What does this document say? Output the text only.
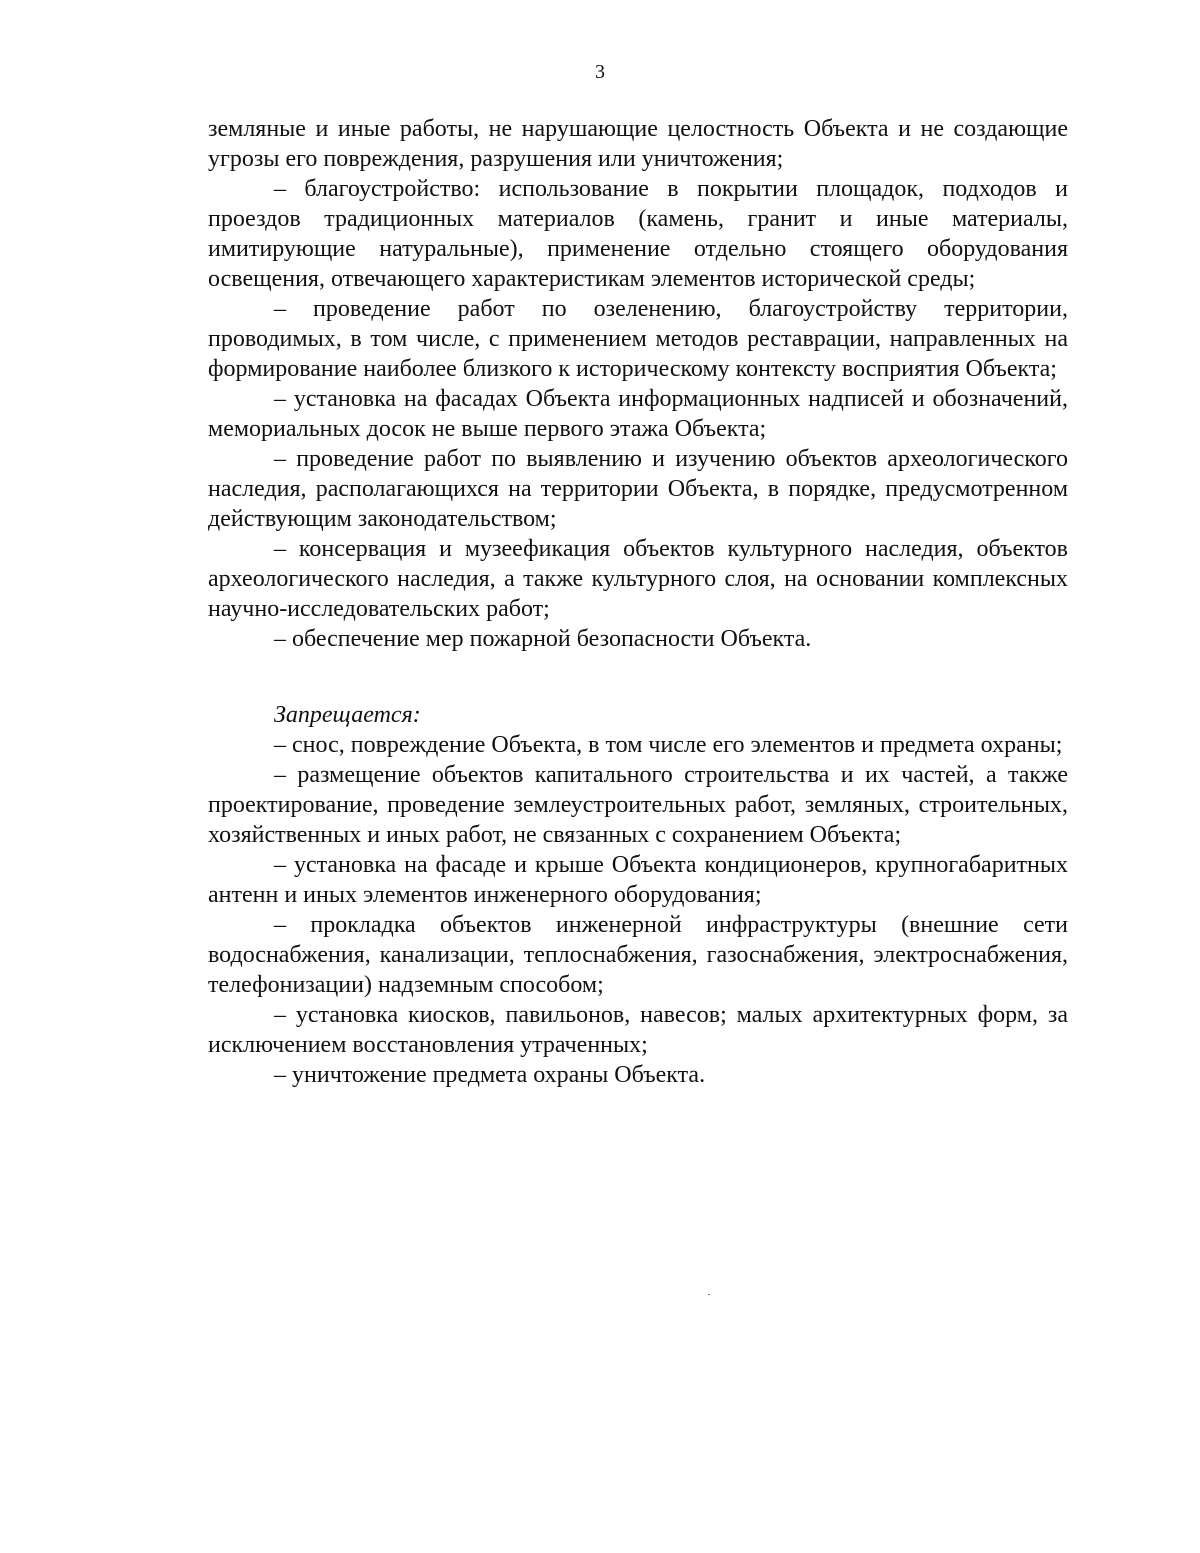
3

земляные и иные работы, не нарушающие целостность Объекта и не создающие угрозы его повреждения, разрушения или уничтожения;

– благоустройство: использование в покрытии площадок, подходов и проездов традиционных материалов (камень, гранит и иные материалы, имитирующие натуральные), применение отдельно стоящего оборудования освещения, отвечающего характеристикам элементов исторической среды;

– проведение работ по озеленению, благоустройству территории, проводимых, в том числе, с применением методов реставрации, направленных на формирование наиболее близкого к историческому контексту восприятия Объекта;

– установка на фасадах Объекта информационных надписей и обозначений, мемориальных досок не выше первого этажа Объекта;

– проведение работ по выявлению и изучению объектов археологического наследия, располагающихся на территории Объекта, в порядке, предусмотренном действующим законодательством;

– консервация и музеефикация объектов культурного наследия, объектов археологического наследия, а также культурного слоя, на основании комплексных научно-исследовательских работ;

– обеспечение мер пожарной безопасности Объекта.

Запрещается:

– снос, повреждение Объекта, в том числе его элементов и предмета охраны;

– размещение объектов капитального строительства и их частей, а также проектирование, проведение землеустроительных работ, земляных, строительных, хозяйственных и иных работ, не связанных с сохранением Объекта;

– установка на фасаде и крыше Объекта кондиционеров, крупногабаритных антенн и иных элементов инженерного оборудования;

– прокладка объектов инженерной инфраструктуры (внешние сети водоснабжения, канализации, теплоснабжения, газоснабжения, электроснабжения, телефонизации) надземным способом;

– установка киосков, павильонов, навесов; малых архитектурных форм, за исключением восстановления утраченных;

– уничтожение предмета охраны Объекта.
